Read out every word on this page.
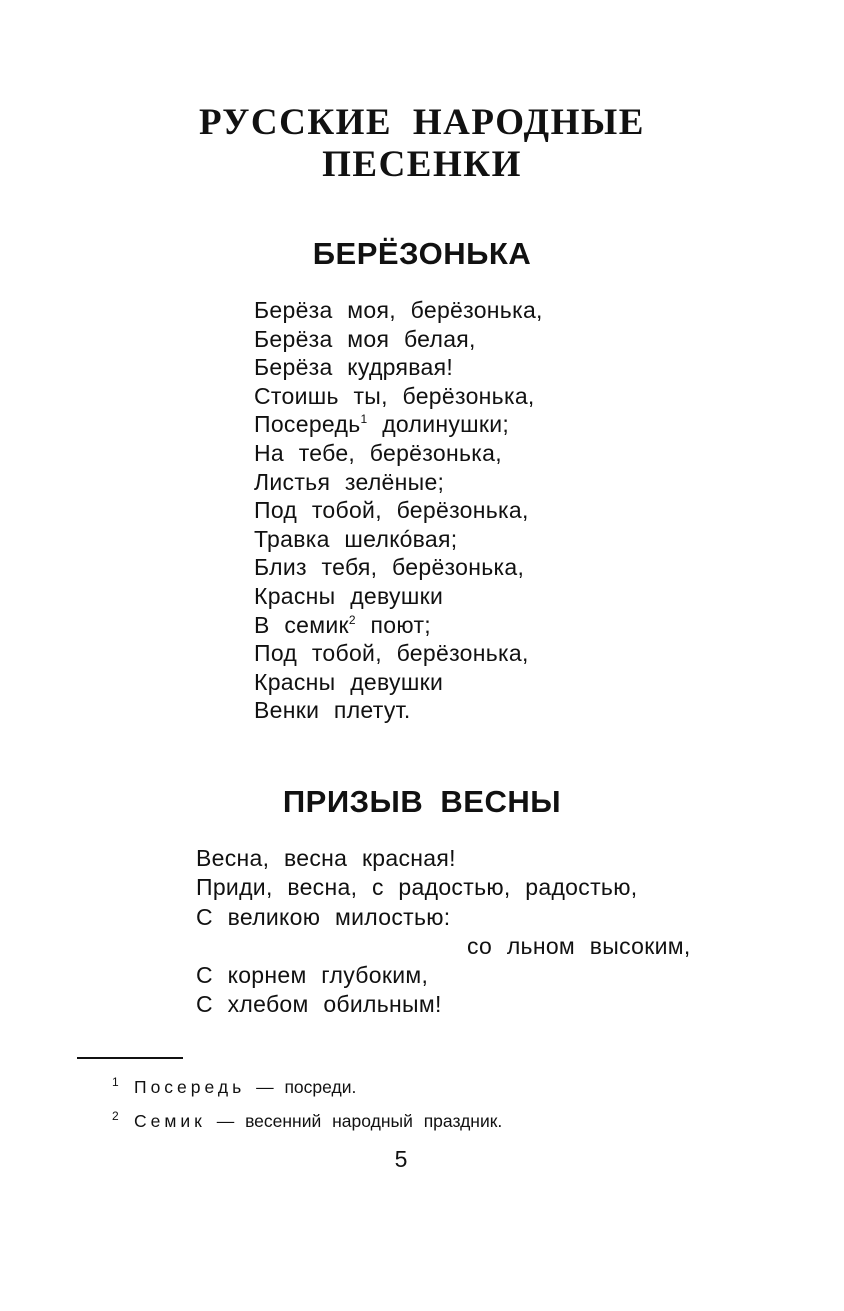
РУССКИЕ НАРОДНЫЕ
ПЕСЕНКИ
БЕРЁЗОНЬКА
Берёза моя, берёзонька,
Берёза моя белая,
Берёза кудрявая!
Стоишь ты, берёзонька,
Посередь$^1$ долинушки;
На тебе, берёзонька,
Листья зелёные;
Под тобой, берёзонька,
Травка шелкóвая;
Близ тебя, берёзонька,
Красны девушки
В семик$^2$ поют;
Под тобой, берёзонька,
Красны девушки
Венки плетут.
ПРИЗЫВ ВЕСНЫ
Весна, весна красная!
Приди, весна, с радостью, радостью,
С великою милостью:
со льном высоким,
С корнем глубоким,
С хлебом обильным!
1 Посередь — посреди.
2 Семик — весенний народный праздник.
5
